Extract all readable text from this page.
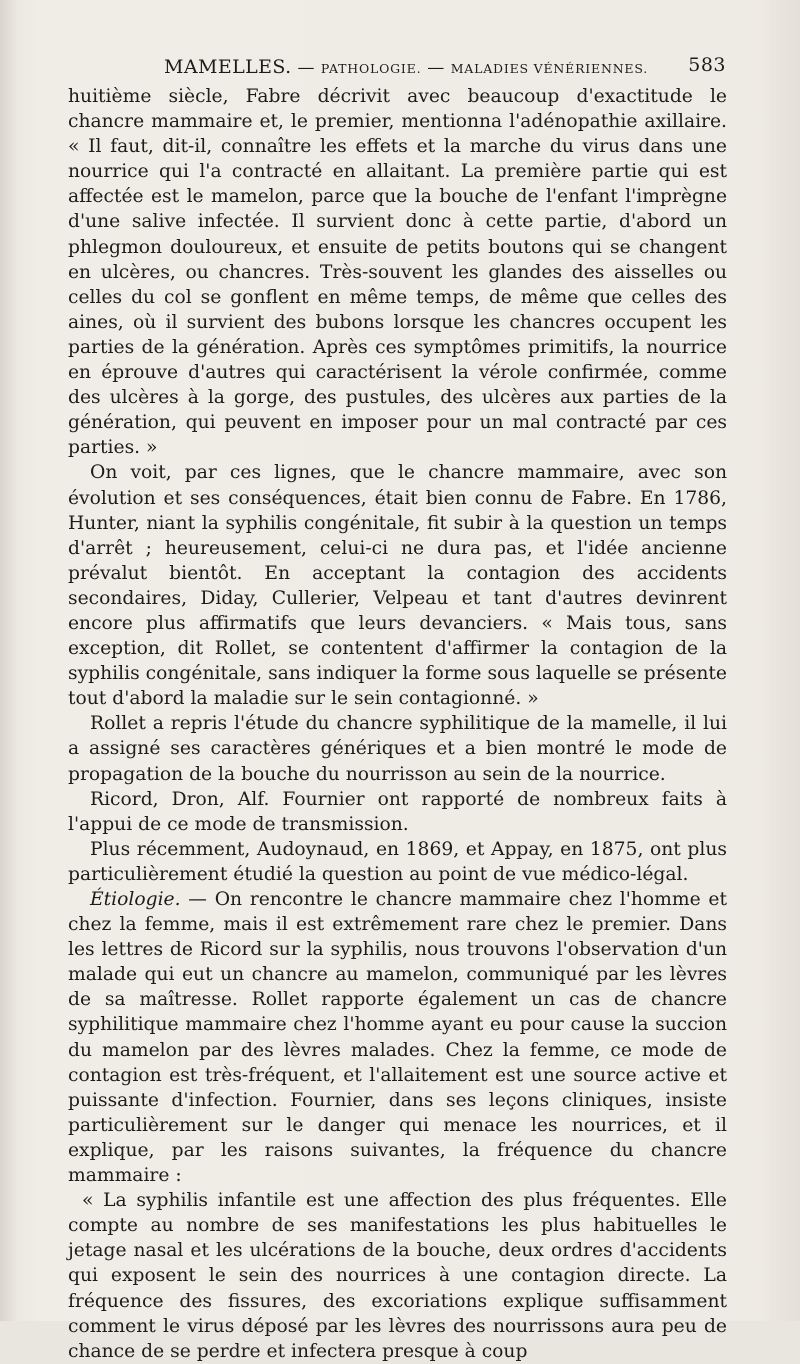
MAMELLES. — PATHOLOGIE. — MALADIES VÉNÉRIENNES. 583

huitième siècle, Fabre décrivit avec beaucoup d'exactitude le chancre mammaire et, le premier, mentionna l'adénopathie axillaire. « Il faut, dit-il, connaître les effets et la marche du virus dans une nourrice qui l'a contracté en allaitant. La première partie qui est affectée est le mamelon, parce que la bouche de l'enfant l'imprègne d'une salive infectée. Il survient donc à cette partie, d'abord un phlegmon douloureux, et ensuite de petits boutons qui se changent en ulcères, ou chancres. Très-souvent les glandes des aisselles ou celles du col se gonflent en même temps, de même que celles des aines, où il survient des bubons lorsque les chancres occupent les parties de la génération. Après ces symptômes primitifs, la nourrice en éprouve d'autres qui caractérisent la vérole confirmée, comme des ulcères à la gorge, des pustules, des ulcères aux parties de la génération, qui peuvent en imposer pour un mal contracté par ces parties. »

On voit, par ces lignes, que le chancre mammaire, avec son évolution et ses conséquences, était bien connu de Fabre. En 1786, Hunter, niant la syphilis congénitale, fit subir à la question un temps d'arrêt ; heureusement, celui-ci ne dura pas, et l'idée ancienne prévalut bientôt. En acceptant la contagion des accidents secondaires, Diday, Cullerier, Velpeau et tant d'autres devinrent encore plus affirmatifs que leurs devanciers. « Mais tous, sans exception, dit Rollet, se contentent d'affirmer la contagion de la syphilis congénitale, sans indiquer la forme sous laquelle se présente tout d'abord la maladie sur le sein contagionné. »

Rollet a repris l'étude du chancre syphilitique de la mamelle, il lui a assigné ses caractères génériques et a bien montré le mode de propagation de la bouche du nourrisson au sein de la nourrice.

Ricord, Dron, Alf. Fournier ont rapporté de nombreux faits à l'appui de ce mode de transmission.

Plus récemment, Audoynaud, en 1869, et Appay, en 1875, ont plus particulièrement étudié la question au point de vue médico-légal.

Étiologie. — On rencontre le chancre mammaire chez l'homme et chez la femme, mais il est extrêmement rare chez le premier. Dans les lettres de Ricord sur la syphilis, nous trouvons l'observation d'un malade qui eut un chancre au mamelon, communiqué par les lèvres de sa maîtresse. Rollet rapporte également un cas de chancre syphilitique mammaire chez l'homme ayant eu pour cause la succion du mamelon par des lèvres malades. Chez la femme, ce mode de contagion est très-fréquent, et l'allaitement est une source active et puissante d'infection. Fournier, dans ses leçons cliniques, insiste particulièrement sur le danger qui menace les nourrices, et il explique, par les raisons suivantes, la fréquence du chancre mammaire :

« La syphilis infantile est une affection des plus fréquentes. Elle compte au nombre de ses manifestations les plus habituelles le jetage nasal et les ulcérations de la bouche, deux ordres d'accidents qui exposent le sein des nourrices à une contagion directe. La fréquence des fissures, des excoriations explique suffisamment comment le virus déposé par les lèvres des nourrissons aura peu de chance de se perdre et infectera presque à coup
